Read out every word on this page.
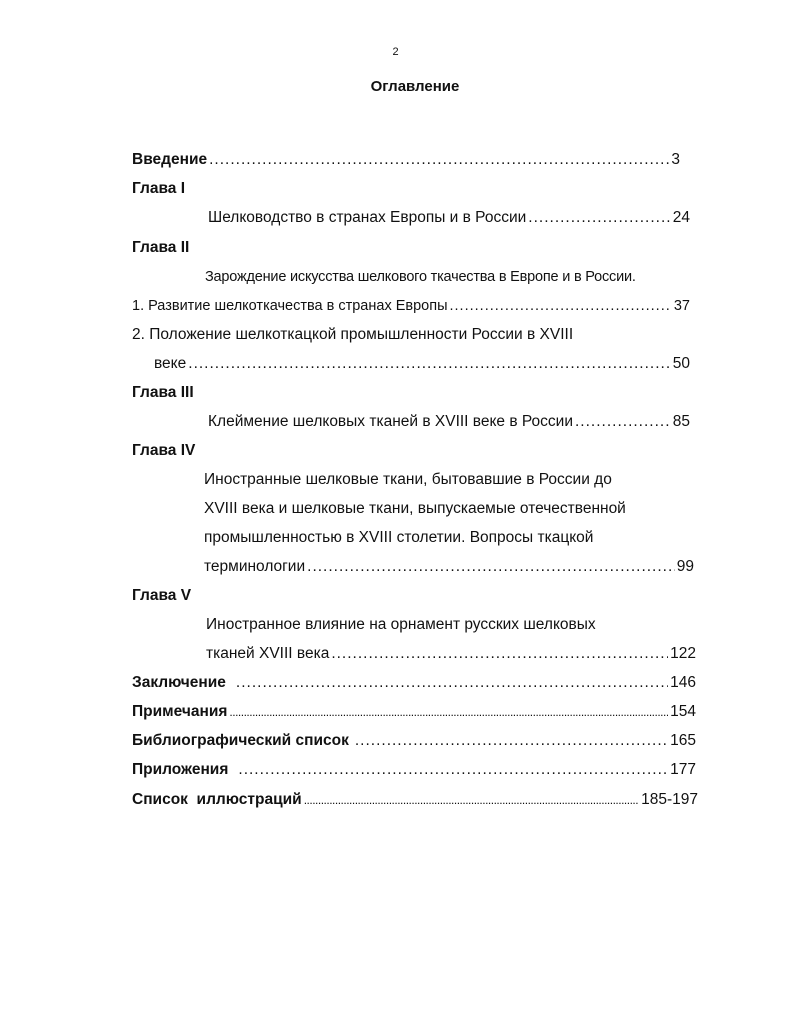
2
Оглавление
Введение .....	3
Глава I
Шелководство в странах Европы и в России .....	24
Глава II
Зарождение искусства шелкового ткачества в Европе и в России.
1. Развитие шелкоткачества в странах Европы .....	37
2. Положение шелкоткацкой промышленности России в XVIII
веке .....	50
Глава III
Клеймение шелковых тканей в XVIII веке в России .....	85
Глава IV
Иностранные шелковые ткани, бытовавшие в России до
XVIII века и шелковые ткани, выпускаемые отечественной
промышленностью в XVIII столетии. Вопросы ткацкой
терминологии .....	99
Глава V
Иностранное влияние на орнамент русских шелковых
тканей XVIII века .....	122
Заключение .....	146
Примечания .....	154
Библиографический список .....	165
Приложения .....	177
Список  иллюстраций .....	185-197
